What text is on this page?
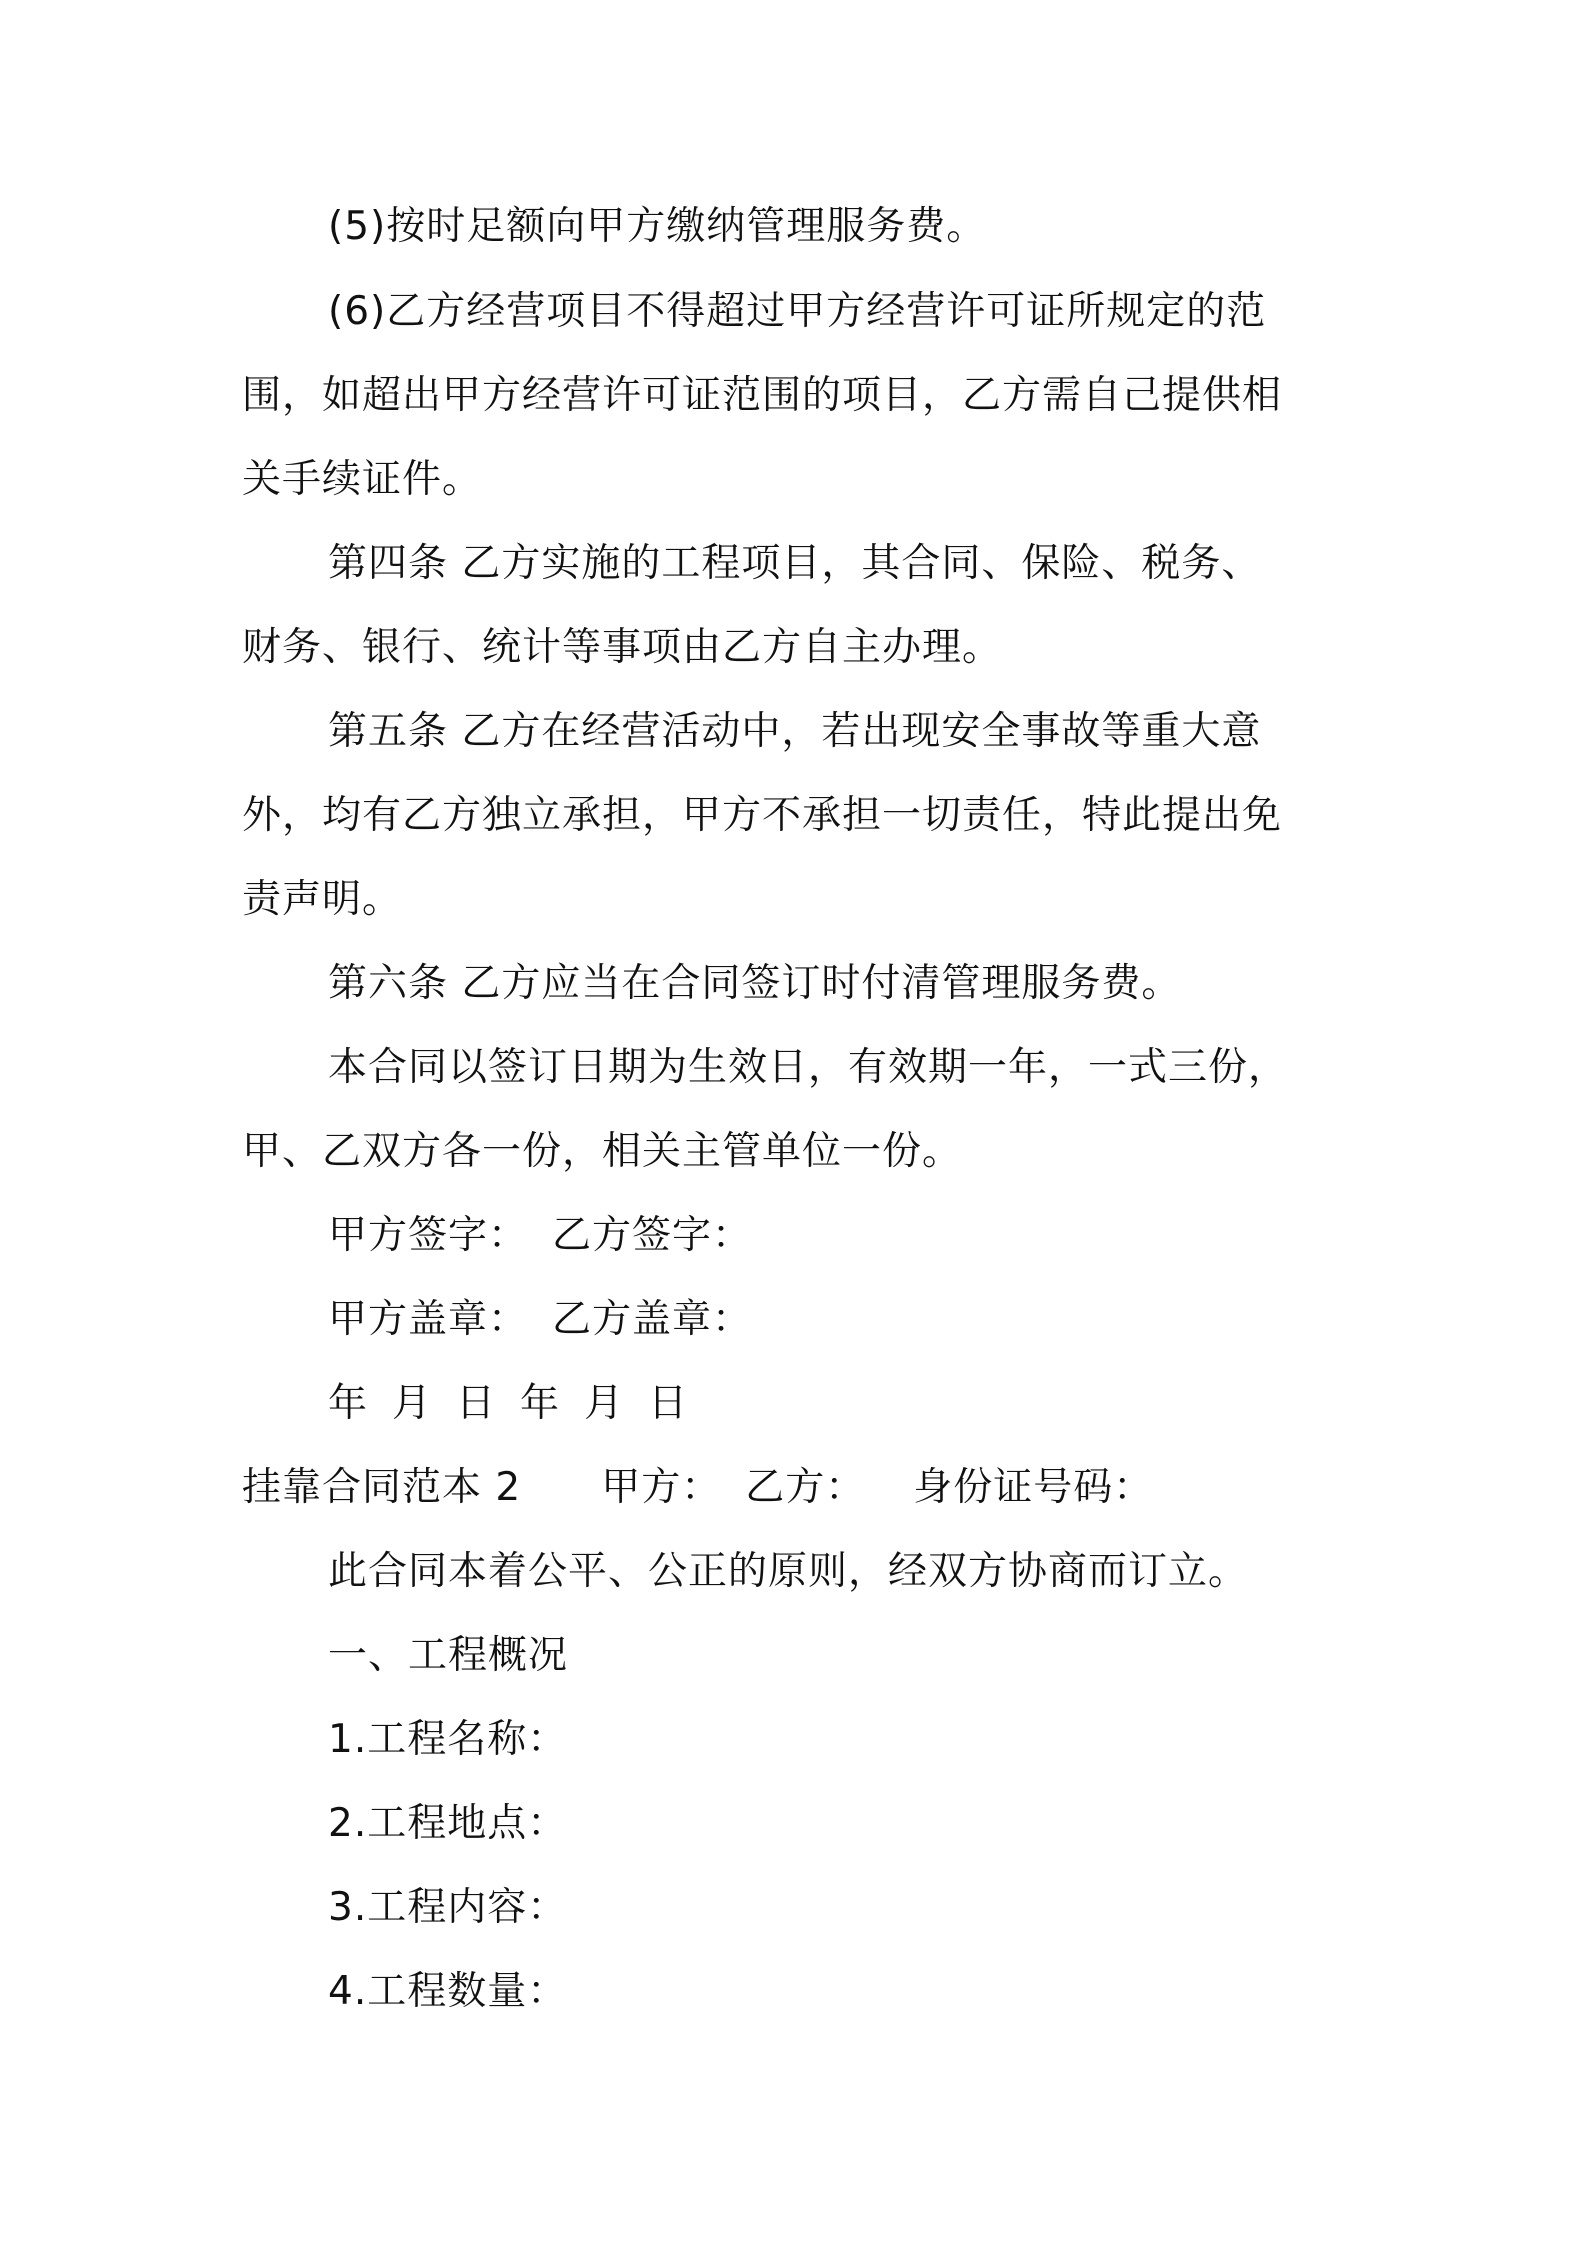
(5)按时足额向甲方缴纳管理服务费。
(6)乙方经营项目不得超过甲方经营许可证所规定的范
围，如超出甲方经营许可证范围的项目，乙方需自己提供相
关手续证件。
第四条 乙方实施的工程项目，其合同、保险、税务、
财务、银行、统计等事项由乙方自主办理。
第五条 乙方在经营活动中，若出现安全事故等重大意
外，均有乙方独立承担，甲方不承担一切责任，特此提出免
责声明。
第六条 乙方应当在合同签订时付清管理服务费。
本合同以签订日期为生效日，有效期一年，一式三份，
甲、乙双方各一份，相关主管单位一份。
甲方签字： 乙方签字：
甲方盖章： 乙方盖章：
年 月 日 年 月 日
挂靠合同范本 2 甲方： 乙方： 身份证号码：
此合同本着公平、公正的原则，经双方协商而订立。
一、工程概况
1.工程名称：
2.工程地点：
3.工程内容：
4.工程数量：
